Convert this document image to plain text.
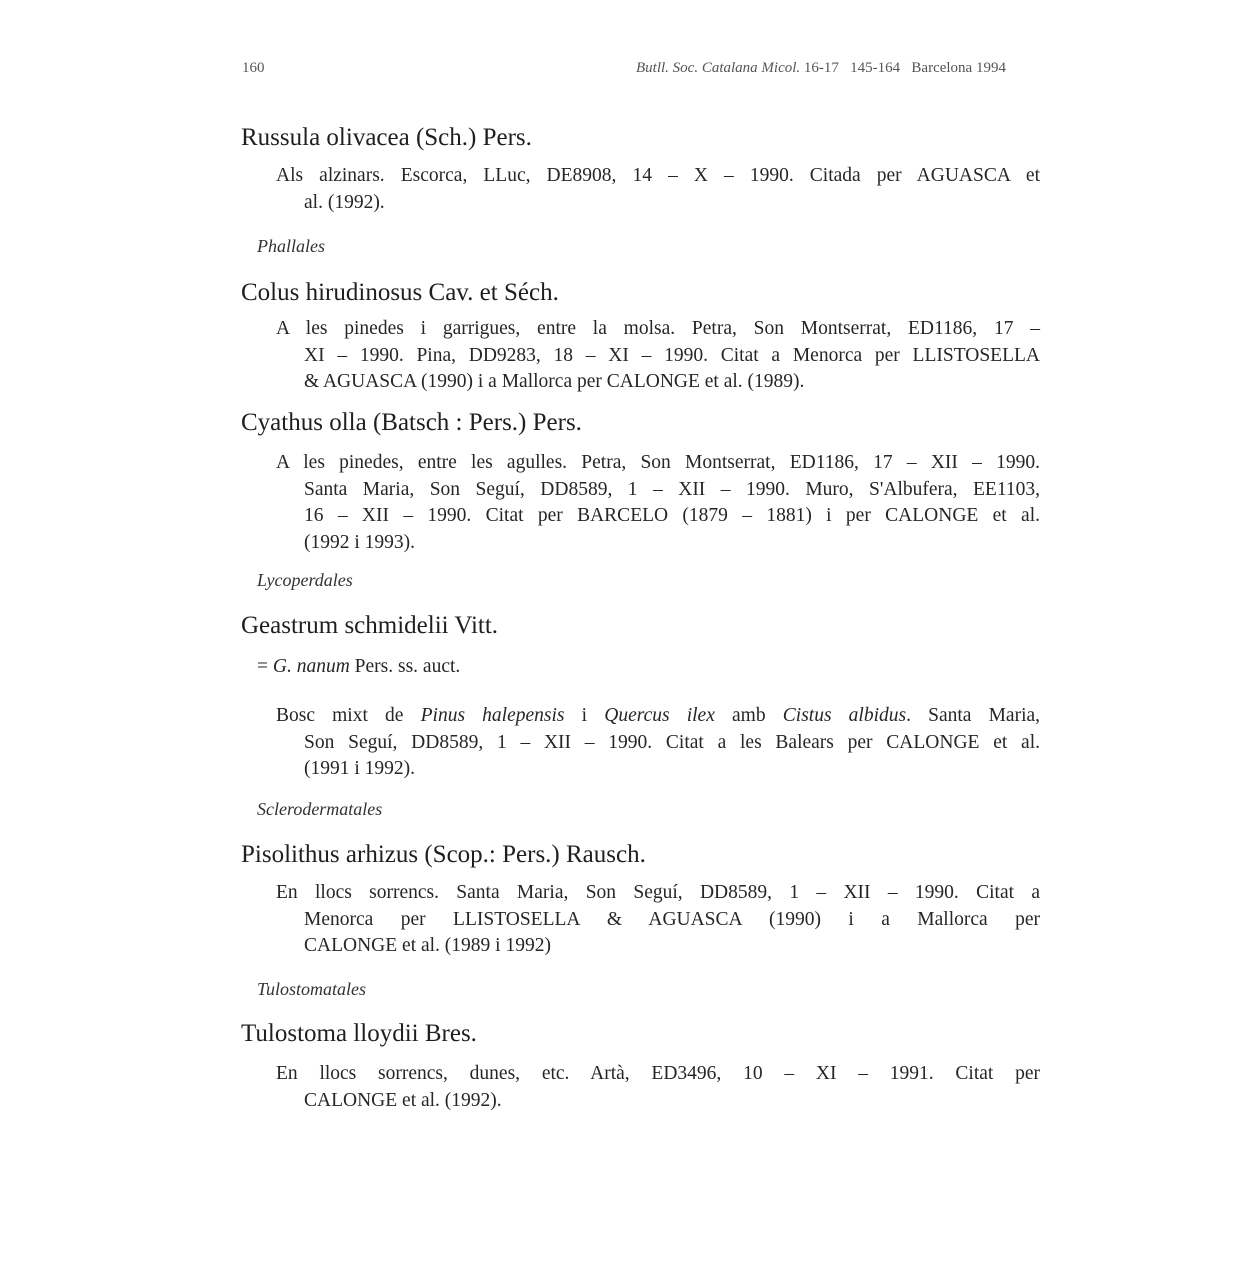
160	Butll. Soc. Catalana Micol. 16-17 145-164 Barcelona 1994
Russula olivacea (Sch.) Pers.
Als alzinars. Escorca, LLuc, DE8908, 14 – X – 1990. Citada per AGUASCA et
al. (1992).
Phallales
Colus hirudinosus Cav. et Séch.
A les pinedes i garrigues, entre la molsa. Petra, Son Montserrat, ED1186, 17 –
XI – 1990. Pina, DD9283, 18 – XI – 1990. Citat a Menorca per LLISTOSELLA
& AGUASCA (1990) i a Mallorca per CALONGE et al. (1989).
Cyathus olla (Batsch : Pers.) Pers.
A les pinedes, entre les agulles. Petra, Son Montserrat, ED1186, 17 – XII – 1990.
Santa Maria, Son Seguí, DD8589, 1 – XII – 1990. Muro, S'Albufera, EE1103,
16 – XII – 1990. Citat per BARCELO (1879 – 1881) i per CALONGE et al.
(1992 i 1993).
Lycoperdales
Geastrum schmidelii Vitt.
= G. nanum Pers. ss. auct.
Bosc mixt de Pinus halepensis i Quercus ilex amb Cistus albidus. Santa Maria,
Son Seguí, DD8589, 1 – XII – 1990. Citat a les Balears per CALONGE et al.
(1991 i 1992).
Sclerodermatales
Pisolithus arhizus (Scop.: Pers.) Rausch.
En llocs sorrencs. Santa Maria, Son Seguí, DD8589, 1 – XII – 1990. Citat a
Menorca per LLISTOSELLA & AGUASCA (1990) i a Mallorca per
CALONGE et al. (1989 i 1992)
Tulostomatales
Tulostoma lloydii Bres.
En llocs sorrencs, dunes, etc. Artà, ED3496, 10 – XI – 1991. Citat per
CALONGE et al. (1992).
